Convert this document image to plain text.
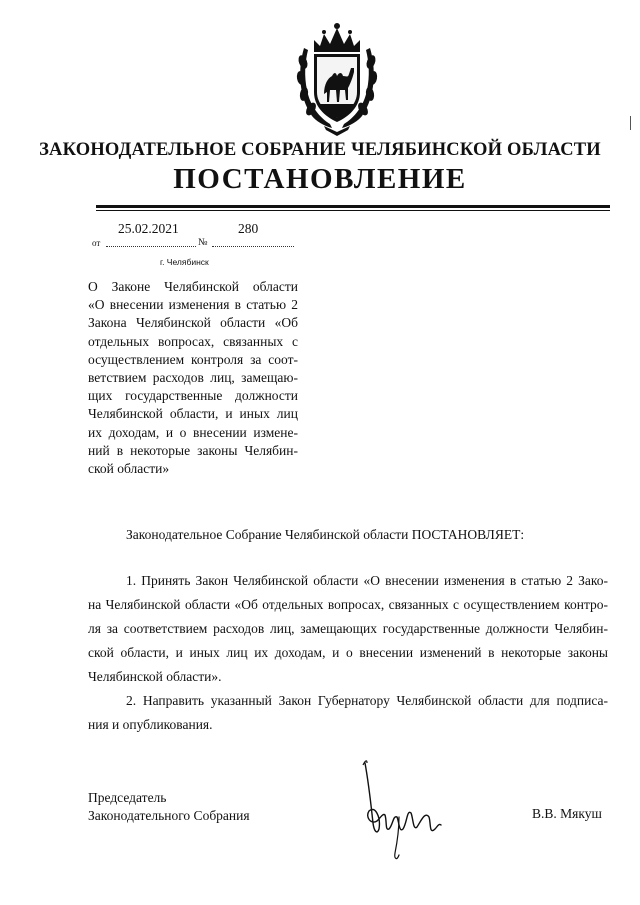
ЗАКОНОДАТЕЛЬНОЕ СОБРАНИЕ ЧЕЛЯБИНСКОЙ ОБЛАСТИ
ПОСТАНОВЛЕНИЕ
25.02.2021	280
от	№
г. Челябинск
О Законе Челябинской области
«О внесении изменения в статью 2
Закона Челябинской области «Об
отдельных вопросах, связанных с
осуществлением контроля за соот-
ветствием расходов лиц, замещаю-
щих государственные должности
Челябинской области, и иных лиц
их доходам, и о внесении измене-
ний в некоторые законы Челябин-
ской области»
Законодательное Собрание Челябинской области ПОСТАНОВЛЯЕТ:
1. Принять Закон Челябинской области «О внесении изменения в статью 2 Зако-
на Челябинской области «Об отдельных вопросах, связанных с осуществлением контро-
ля за соответствием расходов лиц, замещающих государственные должности Челябин-
ской области, и иных лиц их доходам, и о внесении изменений в некоторые законы
Челябинской области».
2. Направить указанный Закон Губернатору Челябинской области для подписа-
ния и опубликования.
Председатель
Законодательного Собрания	В.В. Мякуш
